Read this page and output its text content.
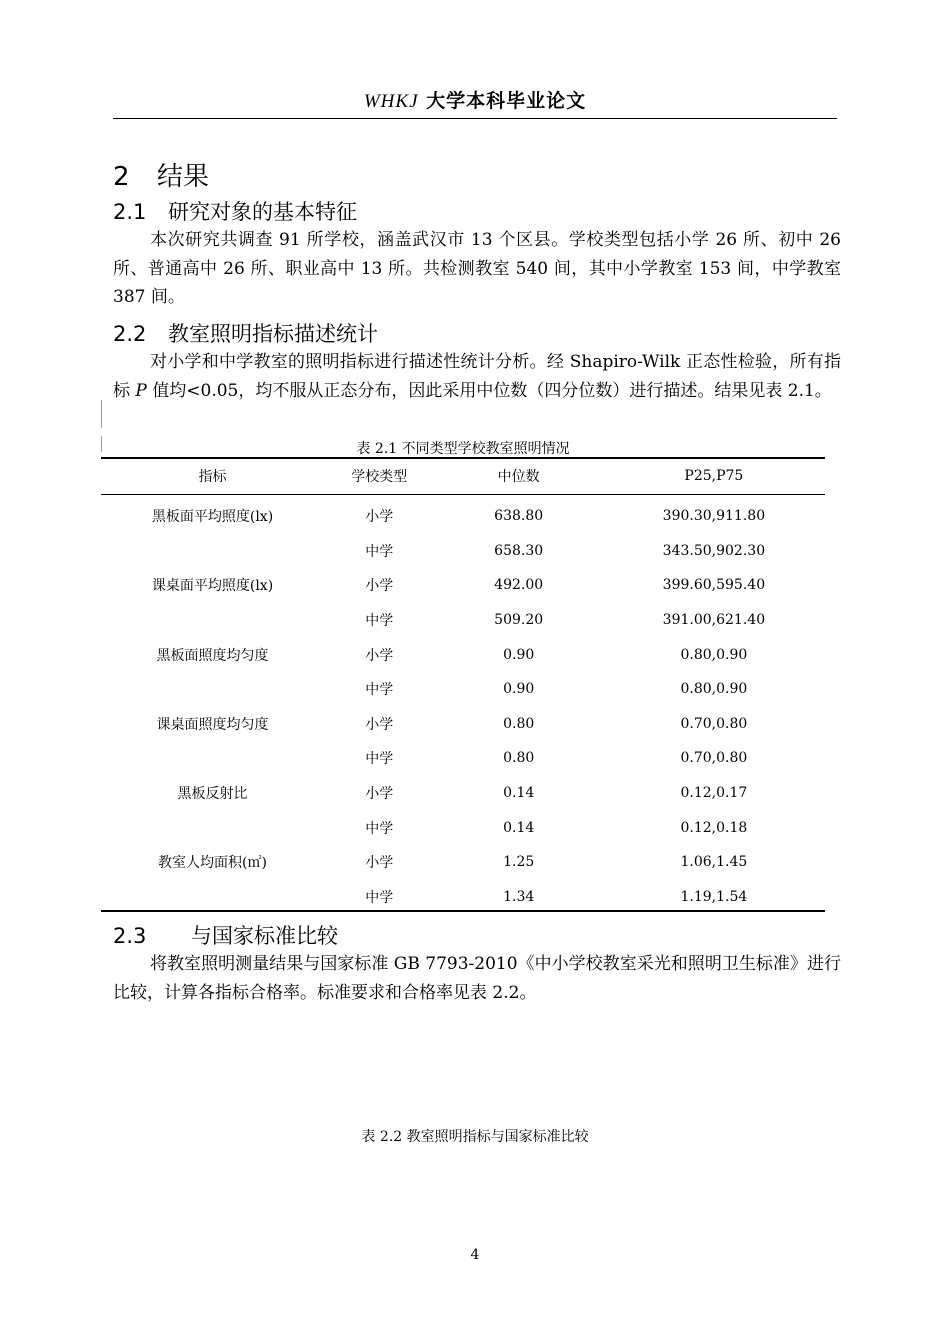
WHKJ 大学本科毕业论文
2 结果
2.1 研究对象的基本特征
本次研究共调查 91 所学校，涵盖武汉市 13 个区县。学校类型包括小学 26 所、初中 26 所、普通高中 26 所、职业高中 13 所。共检测教室 540 间，其中小学教室 153 间，中学教室 387 间。
2.2 教室照明指标描述统计
对小学和中学教室的照明指标进行描述性统计分析。经 Shapiro-Wilk 正态性检验，所有指标 P 值均<0.05，均不服从正态分布，因此采用中位数（四分位数）进行描述。结果见表 2.1。
表 2.1 不同类型学校教室照明情况
指标	学校类型	中位数	P25,P75
黑板面平均照度(lx)	小学	638.80	390.30,911.80
	中学	658.30	343.50,902.30
课桌面平均照度(lx)	小学	492.00	399.60,595.40
	中学	509.20	391.00,621.40
黑板面照度均匀度	小学	0.90	0.80,0.90
	中学	0.90	0.80,0.90
课桌面照度均匀度	小学	0.80	0.70,0.80
	中学	0.80	0.70,0.80
黑板反射比	小学	0.14	0.12,0.17
	中学	0.14	0.12,0.18
教室人均面积(㎡)	小学	1.25	1.06,1.45
	中学	1.34	1.19,1.54
2.3 与国家标准比较
将教室照明测量结果与国家标准 GB 7793-2010《中小学校教室采光和照明卫生标准》进行比较，计算各指标合格率。标准要求和合格率见表 2.2。
表 2.2 教室照明指标与国家标准比较
4
